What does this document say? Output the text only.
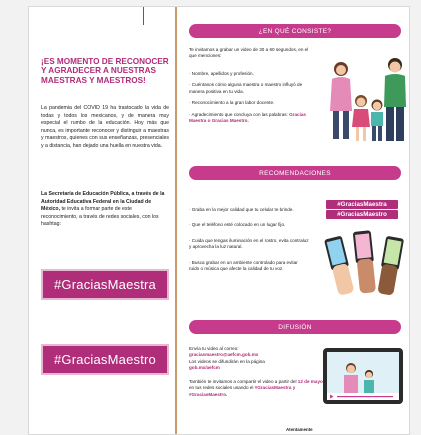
¡ES MOMENTO DE RECONOCER Y AGRADECER A NUESTRAS MAESTRAS Y MAESTROS!
La pandemia del COVID 19 ha trastocado la vida de todas y todos los mexicanos, y de manera muy especial el rumbo de la educación. Hoy más que nunca, es importante reconocer y distinguir a maestras y maestros, quienes con sus enseñanzas, presenciales y a distancia, han dejado una huella en nuestra vida.
La Secretaría de Educación Pública, a través de la Autoridad Educativa Federal en la Ciudad de México, te invita a formar parte de este reconocimiento, a través de redes sociales, con los hashtag:
#GraciasMaestra
#GraciasMaestro
¿EN QUÉ CONSISTE?
Te invitamos a grabar un video de 30 a 60 segundos, en el que menciones:
· Nombre, apellidos y profesión.
· Cuéntanos cómo alguna maestra o maestro influyó de manera positiva en tu vida.
· Reconocimiento a la gran labor docente.
· Agradecimiento que concluya con las palabras: Gracias Maestra o Gracias Maestro.
RECOMENDACIONES
· Graba en la mejor calidad que tu celular te brinde.
· Que el teléfono esté colocado en un lugar fijo.
· Cuida que tengas iluminación en el rostro, evita contraluz y aprovecha la luz natural.
· Busca grabar en un ambiente controlado para evitar ruido o música que afecte la calidad de tu voz.
#GraciasMaestra
#GraciasMaestro
DIFUSIÓN
Envía tu video al correo:
graciasmaestro@aefcm.gob.mx
Los videos se difundirán en la página
gob.mx/aefcm
También te invitamos a compartir el video a partir del 12 de mayo en tus redes sociales usando el #GraciasMaestra y #GraciasMaestro.
Atentamente
